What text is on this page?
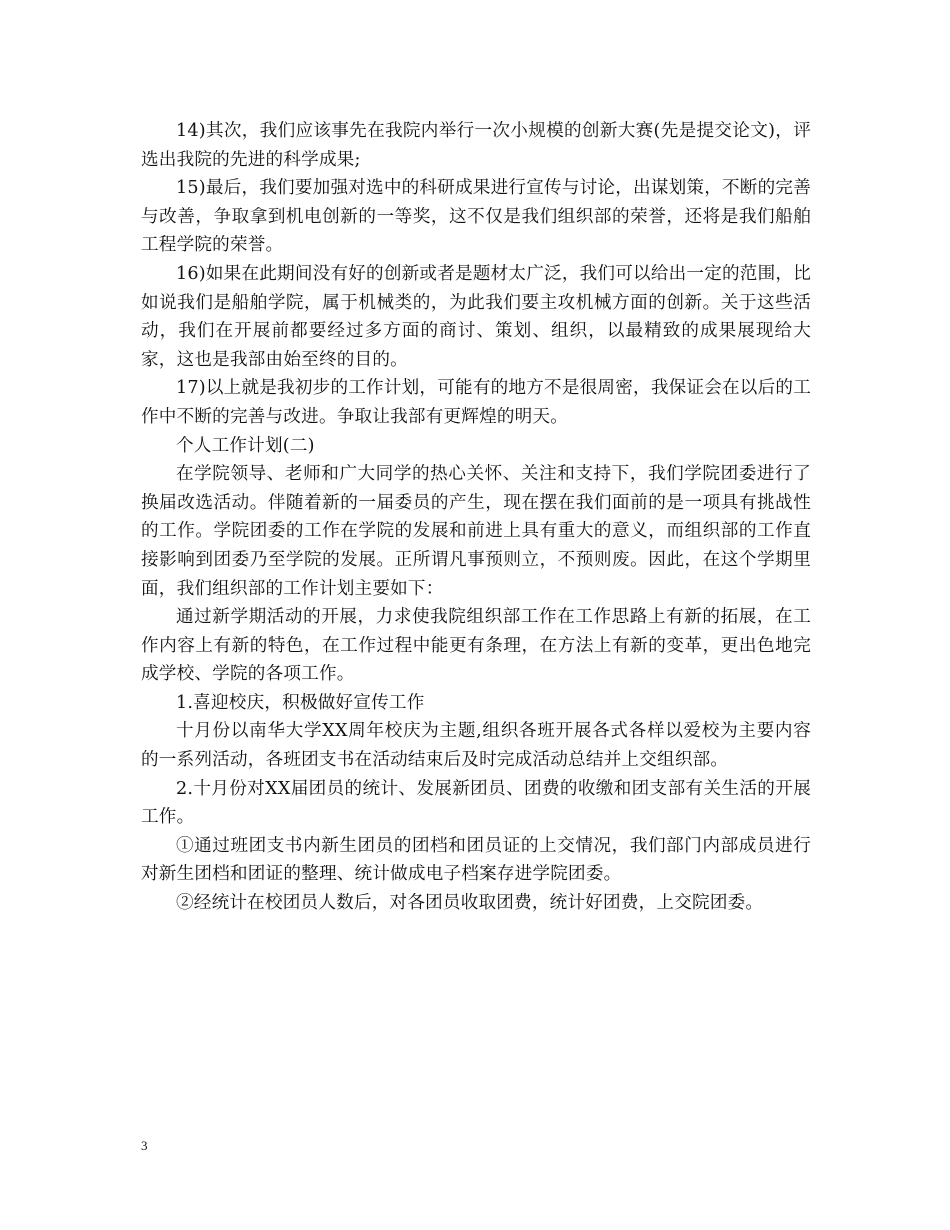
14)其次，我们应该事先在我院内举行一次小规模的创新大赛(先是提交论文)，评选出我院的先进的科学成果;

15)最后，我们要加强对选中的科研成果进行宣传与讨论，出谋划策，不断的完善与改善，争取拿到机电创新的一等奖，这不仅是我们组织部的荣誉，还将是我们船舶工程学院的荣誉。

16)如果在此期间没有好的创新或者是题材太广泛，我们可以给出一定的范围，比如说我们是船舶学院，属于机械类的，为此我们要主攻机械方面的创新。关于这些活动，我们在开展前都要经过多方面的商讨、策划、组织，以最精致的成果展现给大家，这也是我部由始至终的目的。

17)以上就是我初步的工作计划，可能有的地方不是很周密，我保证会在以后的工作中不断的完善与改进。争取让我部有更辉煌的明天。

个人工作计划(二)

在学院领导、老师和广大同学的热心关怀、关注和支持下，我们学院团委进行了换届改选活动。伴随着新的一届委员的产生，现在摆在我们面前的是一项具有挑战性的工作。学院团委的工作在学院的发展和前进上具有重大的意义，而组织部的工作直接影响到团委乃至学院的发展。正所谓凡事预则立，不预则废。因此，在这个学期里面，我们组织部的工作计划主要如下：

通过新学期活动的开展，力求使我院组织部工作在工作思路上有新的拓展，在工作内容上有新的特色，在工作过程中能更有条理，在方法上有新的变革，更出色地完成学校、学院的各项工作。

1.喜迎校庆，积极做好宣传工作

十月份以南华大学XX周年校庆为主题,组织各班开展各式各样以爱校为主要内容的一系列活动，各班团支书在活动结束后及时完成活动总结并上交组织部。

2.十月份对XX届团员的统计、发展新团员、团费的收缴和团支部有关生活的开展工作。

①通过班团支书内新生团员的团档和团员证的上交情况，我们部门内部成员进行对新生团档和团证的整理、统计做成电子档案存进学院团委。

②经统计在校团员人数后，对各团员收取团费，统计好团费，上交院团委。

3
